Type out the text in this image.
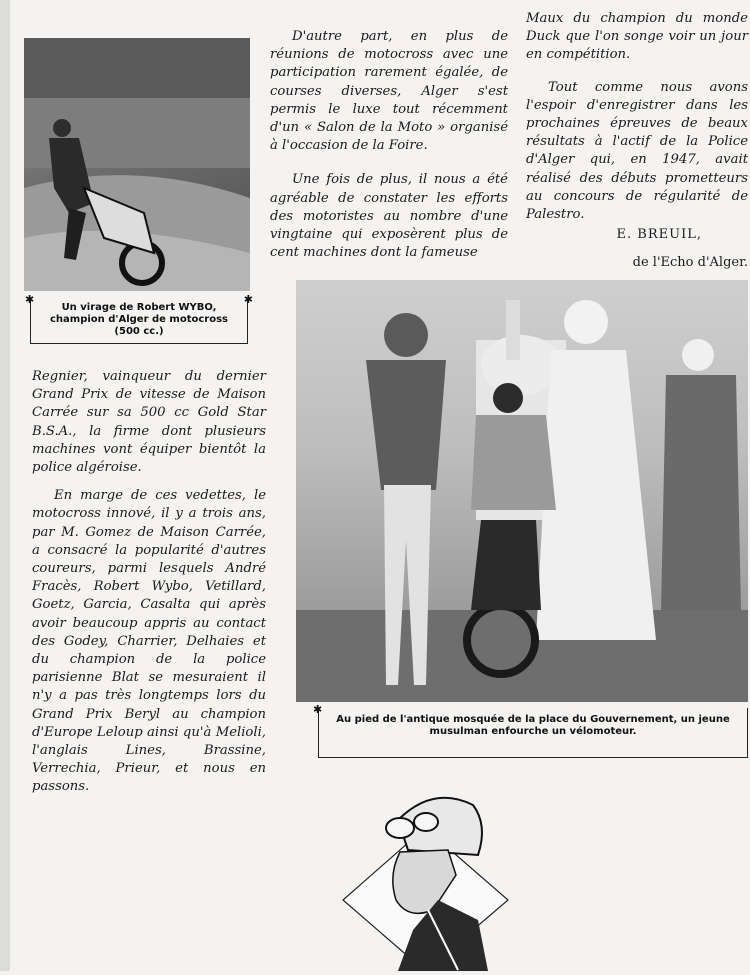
✱	✱
Un virage de Robert WYBO,
champion d'Alger de motocross
(500 cc.)

D'autre part, en plus de réunions de motocross avec une participation rarement égalée, de courses diverses, Alger s'est permis le luxe tout récemment d'un « Salon de la Moto » organisé à l'occasion de la Foire.

Une fois de plus, il nous a été agréable de constater les efforts des motoristes au nombre d'une vingtaine qui exposèrent plus de cent machines dont la fameuse

Maux du champion du monde Duck que l'on songe voir un jour en compétition.

Tout comme nous avons l'espoir d'enregistrer dans les prochaines épreuves de beaux résultats à l'actif de la Police d'Alger qui, en 1947, avait réalisé des débuts prometteurs au concours de régularité de Palestro.

E. BREUIL,

de l'Echo d'Alger.

Regnier, vainqueur du dernier Grand Prix de vitesse de Maison Carrée sur sa 500 cc Gold Star B.S.A., la firme dont plusieurs machines vont équiper bientôt la police algéroise.

En marge de ces vedettes, le motocross innové, il y a trois ans, par M. Gomez de Maison Carrée, a consacré la popularité d'autres coureurs, parmi lesquels André Fracès, Robert Wybo, Vetillard, Goetz, Garcia, Casalta qui après avoir beaucoup appris au contact des Godey, Charrier, Delhaies et du champion de la police parisienne Blat se mesuraient il n'y a pas très longtemps lors du Grand Prix Beryl au champion d'Europe Leloup ainsi qu'à Melioli, l'anglais Lines, Brassine, Verrechia, Prieur, et nous en passons.

✱
Au pied de l'antique mosquée de la place du Gouvernement, un jeune
musulman enfourche un vélomoteur.
